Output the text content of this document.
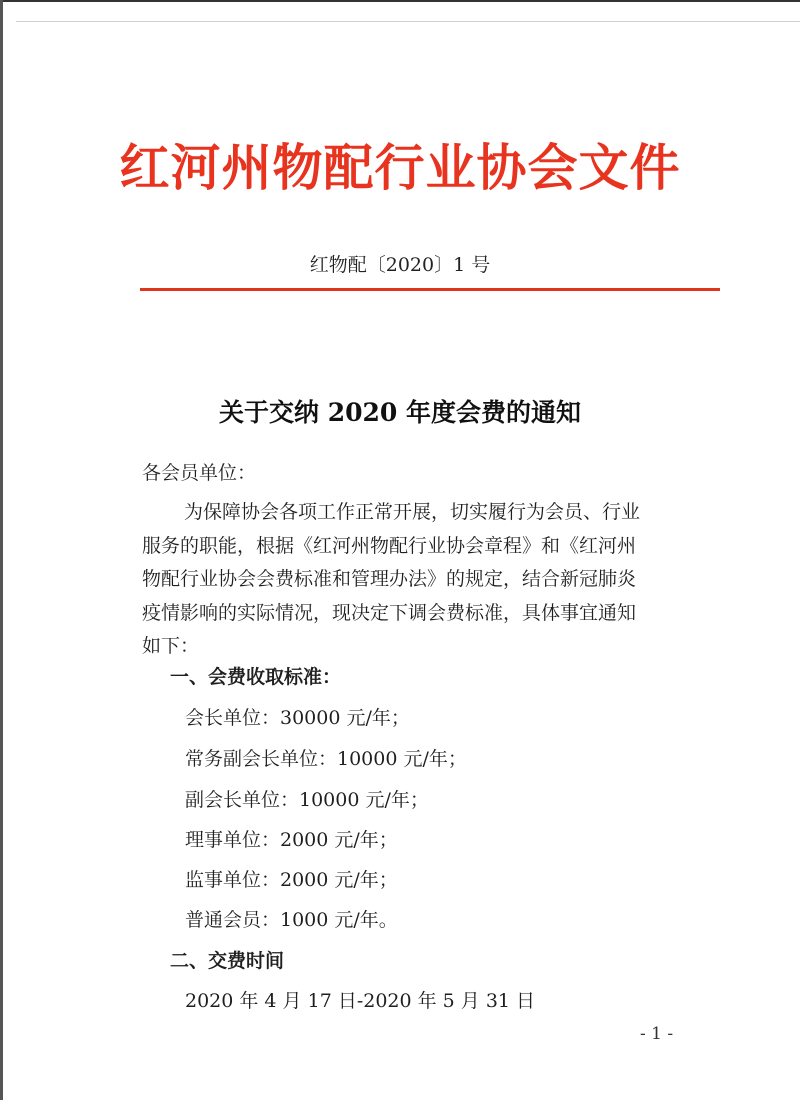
红河州物配行业协会文件
红物配〔2020〕1 号
关于交纳 2020 年度会费的通知
各会员单位：
为保障协会各项工作正常开展，切实履行为会员、行业
服务的职能，根据《红河州物配行业协会章程》和《红河州
物配行业协会会费标准和管理办法》的规定，结合新冠肺炎
疫情影响的实际情况，现决定下调会费标准，具体事宜通知
如下：
一、会费收取标准：
会长单位：30000 元/年；
常务副会长单位：10000 元/年；
副会长单位：10000 元/年；
理事单位：2000 元/年；
监事单位：2000 元/年；
普通会员：1000 元/年。
二、交费时间
2020 年 4 月 17 日-2020 年 5 月 31 日
- 1 -
